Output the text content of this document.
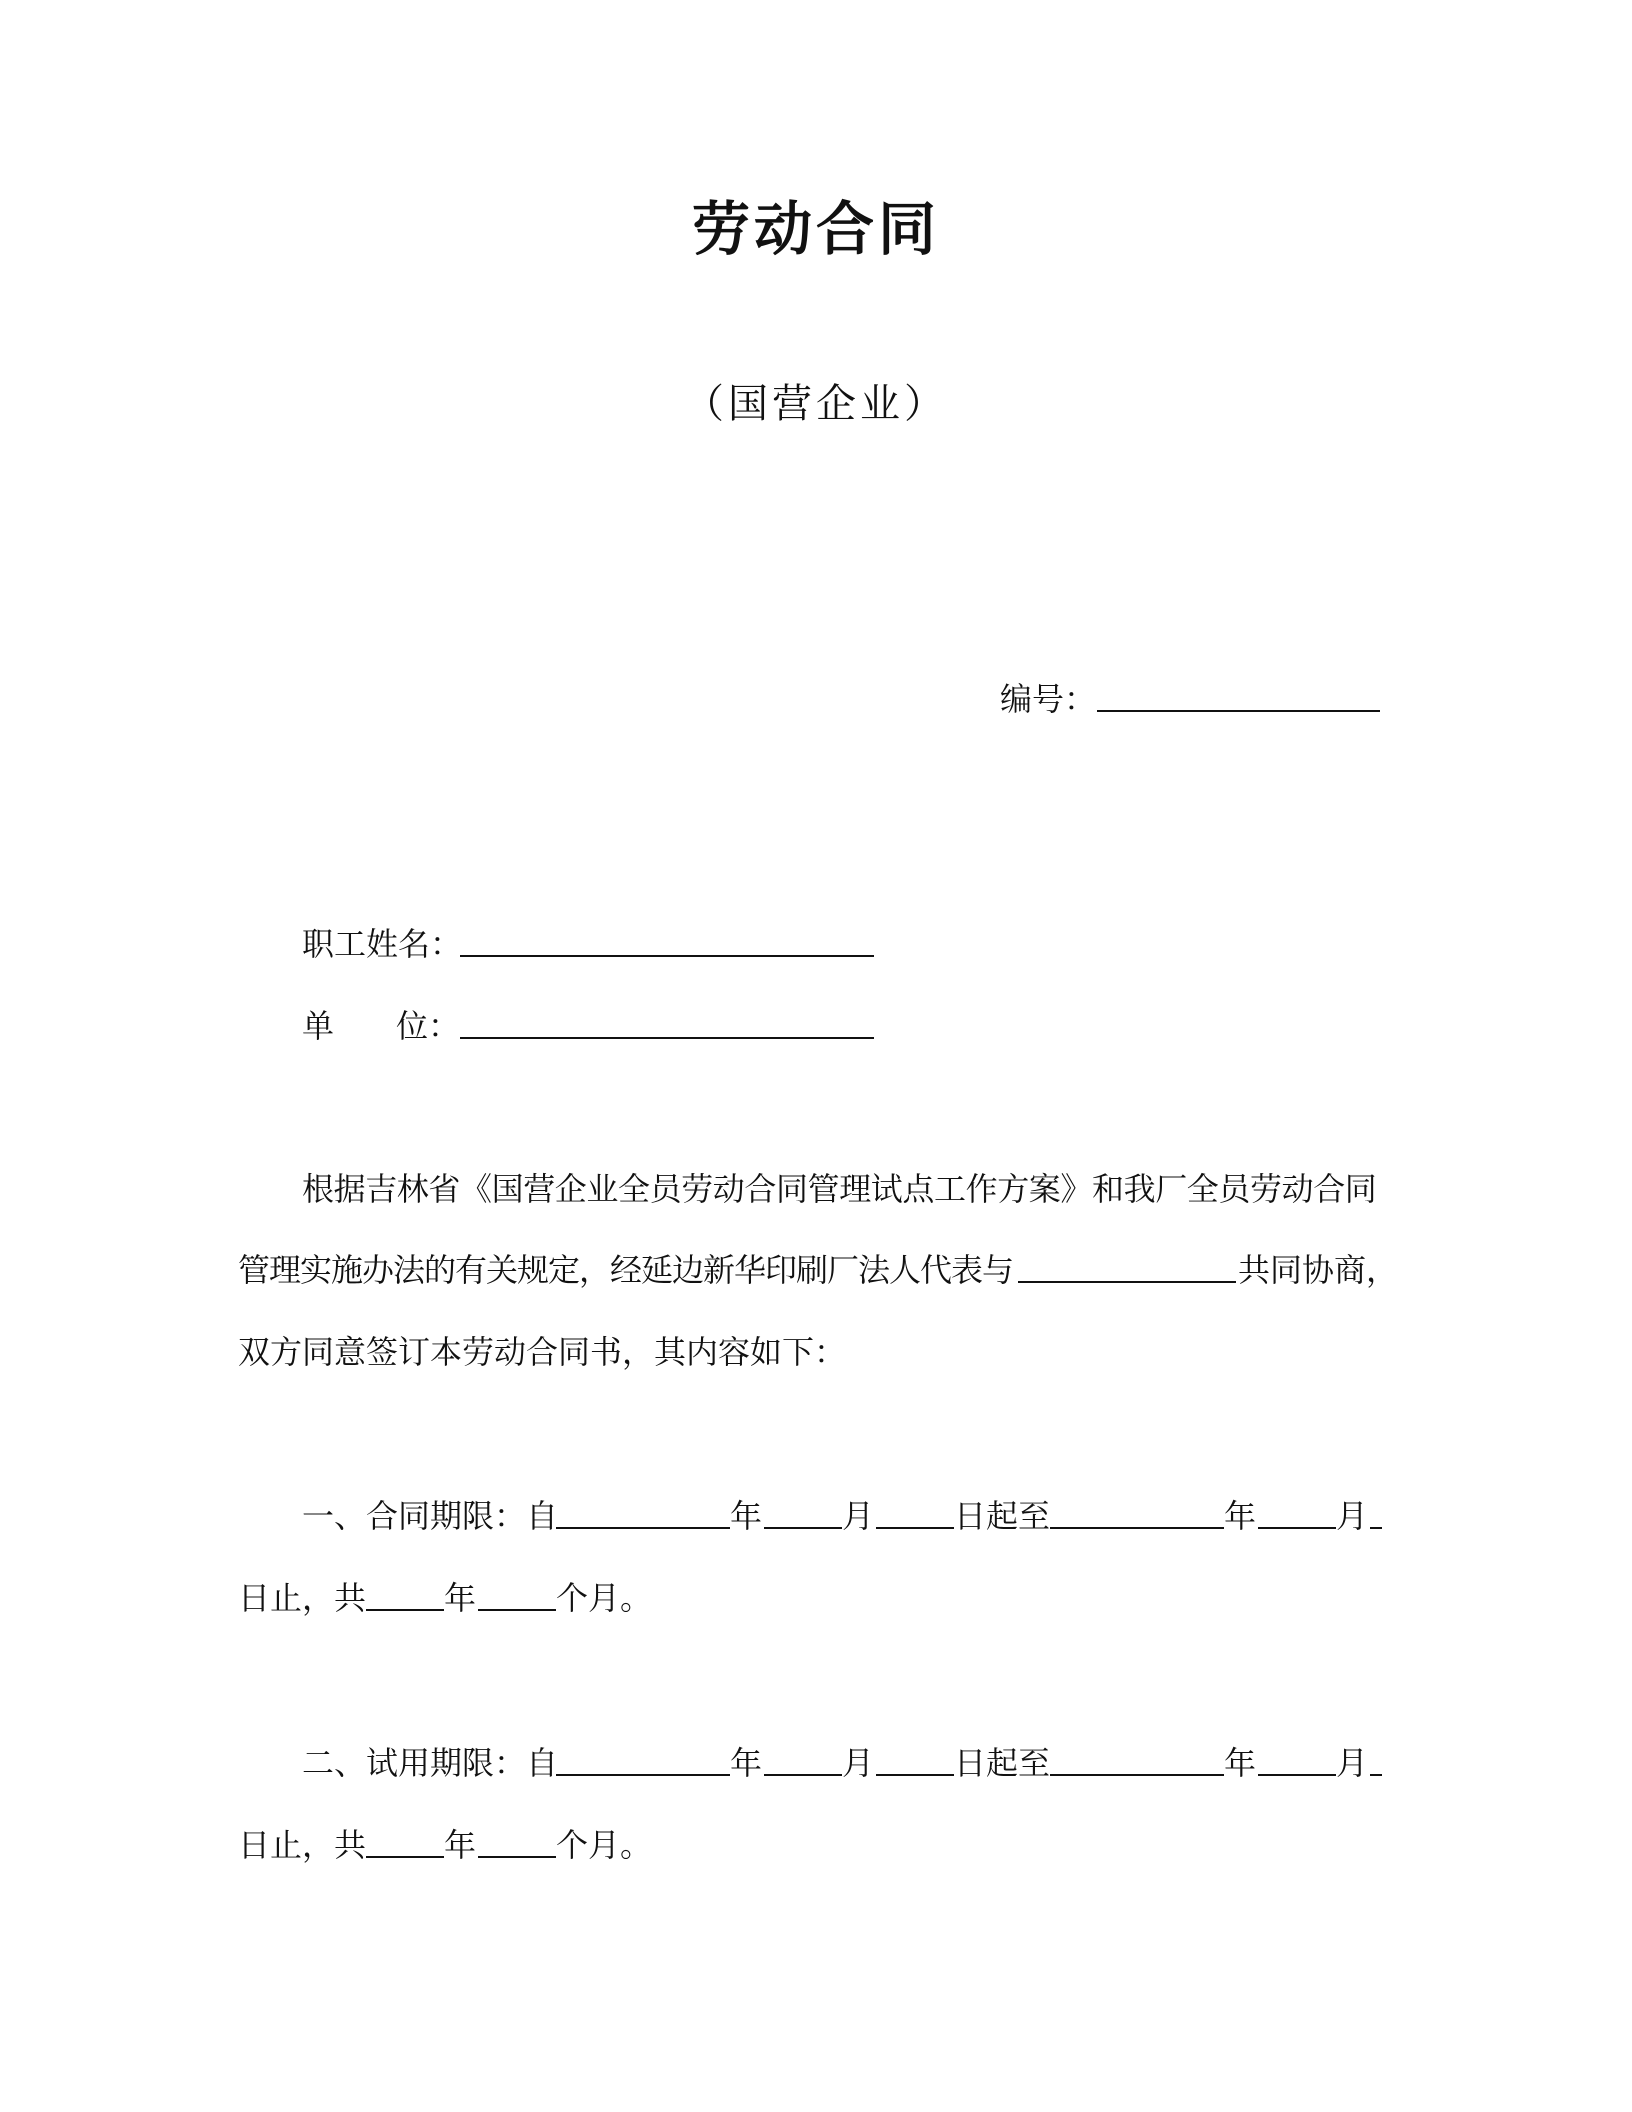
劳动合同
（国营企业）
编号：
职工姓名：
单 位：
根据吉林省《国营企业全员劳动合同管理试点工作方案》和我厂全员劳动合同
管理实施办法的有关规定，经延边新华印刷厂法人代表与	共同协商，
双方同意签订本劳动合同书，其内容如下：
一、合同期限：自	年 月 日起至	年 月
日止，共 年 个月。
二、试用期限：自	年 月 日起至	年 月
日止，共 年 个月。
